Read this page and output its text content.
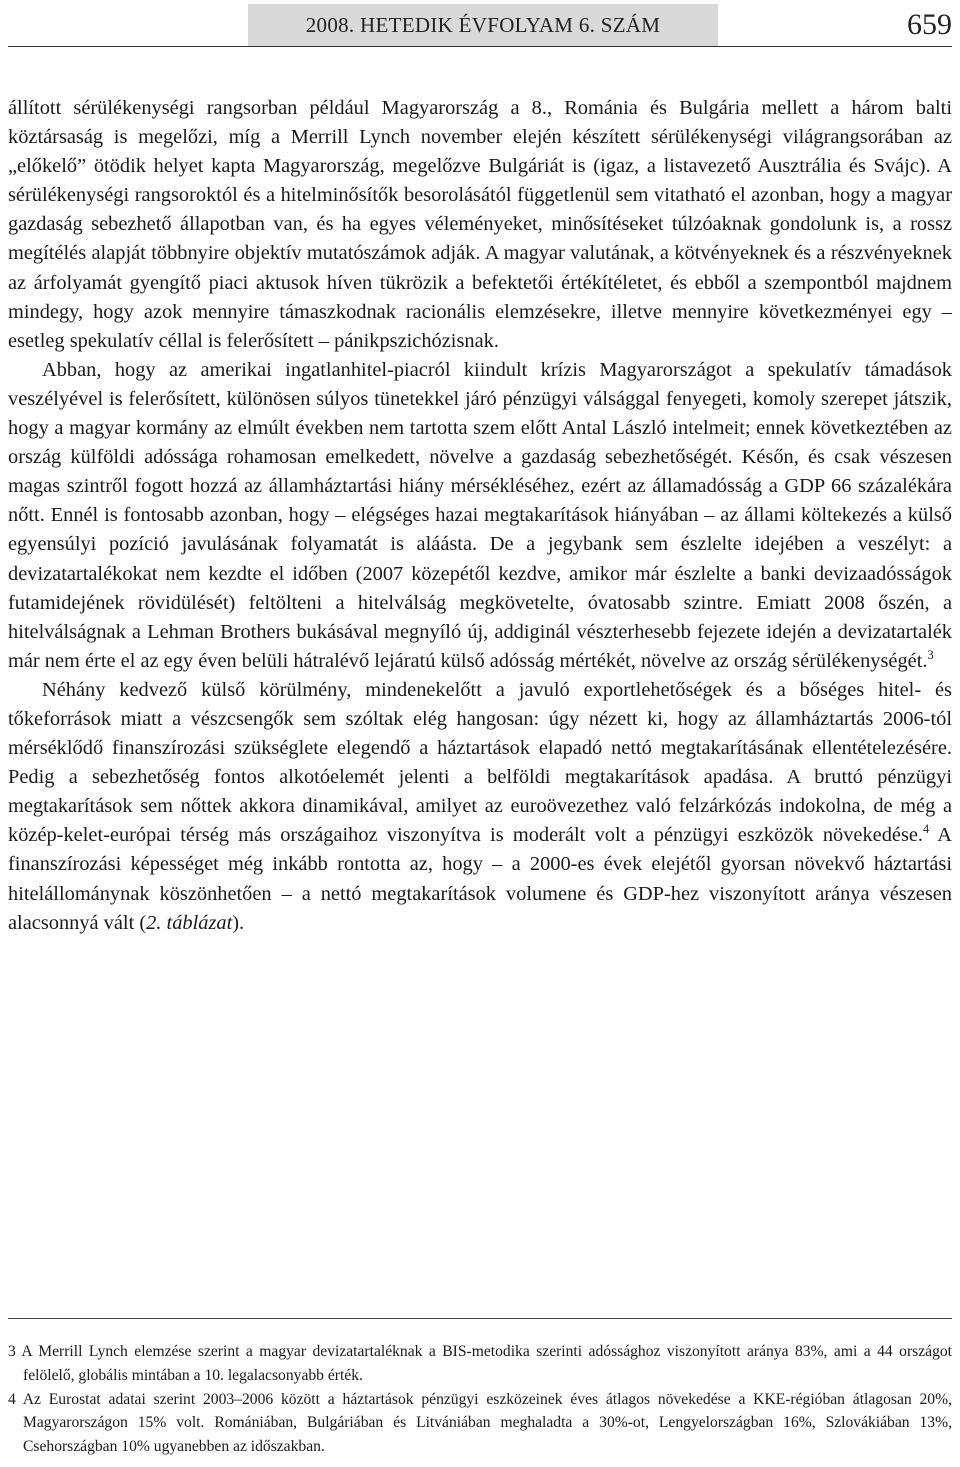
2008. HETEDIK ÉVFOLYAM 6. SZÁM	659

állított sérülékenységi rangsorban például Magyarország a 8., Románia és Bulgária mellett a három balti köztársaság is megelőzi, míg a Merrill Lynch november elején készített sérülékenységi világrangsorában az „előkelő” ötödik helyet kapta Magyarország, megelőzve Bulgáriát is (igaz, a listavezető Ausztrália és Svájc). A sérülékenységi rangsoroktól és a hitelminősítők besorolásától függetlenül sem vitatható el azonban, hogy a magyar gazdaság sebezhető állapotban van, és ha egyes véleményeket, minősítéseket túlzóaknak gondolunk is, a rossz megítélés alapját többnyire objektív mutatószámok adják. A magyar valutának, a kötvényeknek és a részvényeknek az árfolyamát gyengítő piaci aktusok híven tükrözik a befektetői értékítéletet, és ebből a szempontból majdnem mindegy, hogy azok mennyire támaszkodnak racionális elemzésekre, illetve mennyire következményei egy – esetleg spekulatív céllal is felerősített – pánikpszichózisnak.

Abban, hogy az amerikai ingatlanhitel-piacról kiindult krízis Magyarországot a spekulatív támadások veszélyével is felerősített, különösen súlyos tünetekkel járó pénzügyi válsággal fenyegeti, komoly szerepet játszik, hogy a magyar kormány az elmúlt években nem tartotta szem előtt Antal László intelmeit; ennek következtében az ország külföldi adóssága rohamosan emelkedett, növelve a gazdaság sebezhetőségét. Későn, és csak vészesen magas szintről fogott hozzá az államháztartási hiány mérsékléséhez, ezért az államadósság a GDP 66 százalékára nőtt. Ennél is fontosabb azonban, hogy – elégséges hazai megtakarítások hiányában – az állami költekezés a külső egyensúlyi pozíció javulásának folyamatát is aláásta. De a jegybank sem észlelte idejében a veszélyt: a devizatartalékokat nem kezdte el időben (2007 közepétől kezdve, amikor már észlelte a banki devizaadósságok futamidejének rövidülését) feltölteni a hitelválság megkövetelte, óvatosabb szintre. Emiatt 2008 őszén, a hitelválságnak a Lehman Brothers bukásával megnyíló új, addiginál vészterhesebb fejezete idején a devizatartalék már nem érte el az egy éven belüli hátralévő lejáratú külső adósság mértékét, növelve az ország sérülékenységét.$^3$

Néhány kedvező külső körülmény, mindenekelőtt a javuló exportlehetőségek és a bőséges hitel- és tőkeforrások miatt a vészcsengők sem szóltak elég hangosan: úgy nézett ki, hogy az államháztartás 2006-tól mérséklődő finanszírozási szükséglete elegendő a háztartások elapadó nettó megtakarításának ellentételezésére. Pedig a sebezhetőség fontos alkotóelemét jelenti a belföldi megtakarítások apadása. A bruttó pénzügyi megtakarítások sem nőttek akkora dinamikával, amilyet az euroövezethez való felzárkózás indokolna, de még a közép-kelet-európai térség más országaihoz viszonyítva is moderált volt a pénzügyi eszközök növekedése.$^4$ A finanszírozási képességet még inkább rontotta az, hogy – a 2000-es évek elejétől gyorsan növekvő háztartási hitelállománynak köszönhetően – a nettó megtakarítások volumene és GDP-hez viszonyított aránya vészesen alacsonnyá vált (2. táblázat).

3 A Merrill Lynch elemzése szerint a magyar devizatartaléknak a BIS-metodika szerinti adóssághoz viszonyított aránya 83%, ami a 44 országot felölelő, globális mintában a 10. legalacsonyabb érték.

4 Az Eurostat adatai szerint 2003–2006 között a háztartások pénzügyi eszközeinek éves átlagos növekedése a KKE-régióban átlagosan 20%, Magyarországon 15% volt. Romániában, Bulgáriában és Litvániában meghaladta a 30%-ot, Lengyelországban 16%, Szlovákiában 13%, Csehországban 10% ugyanebben az időszakban.
